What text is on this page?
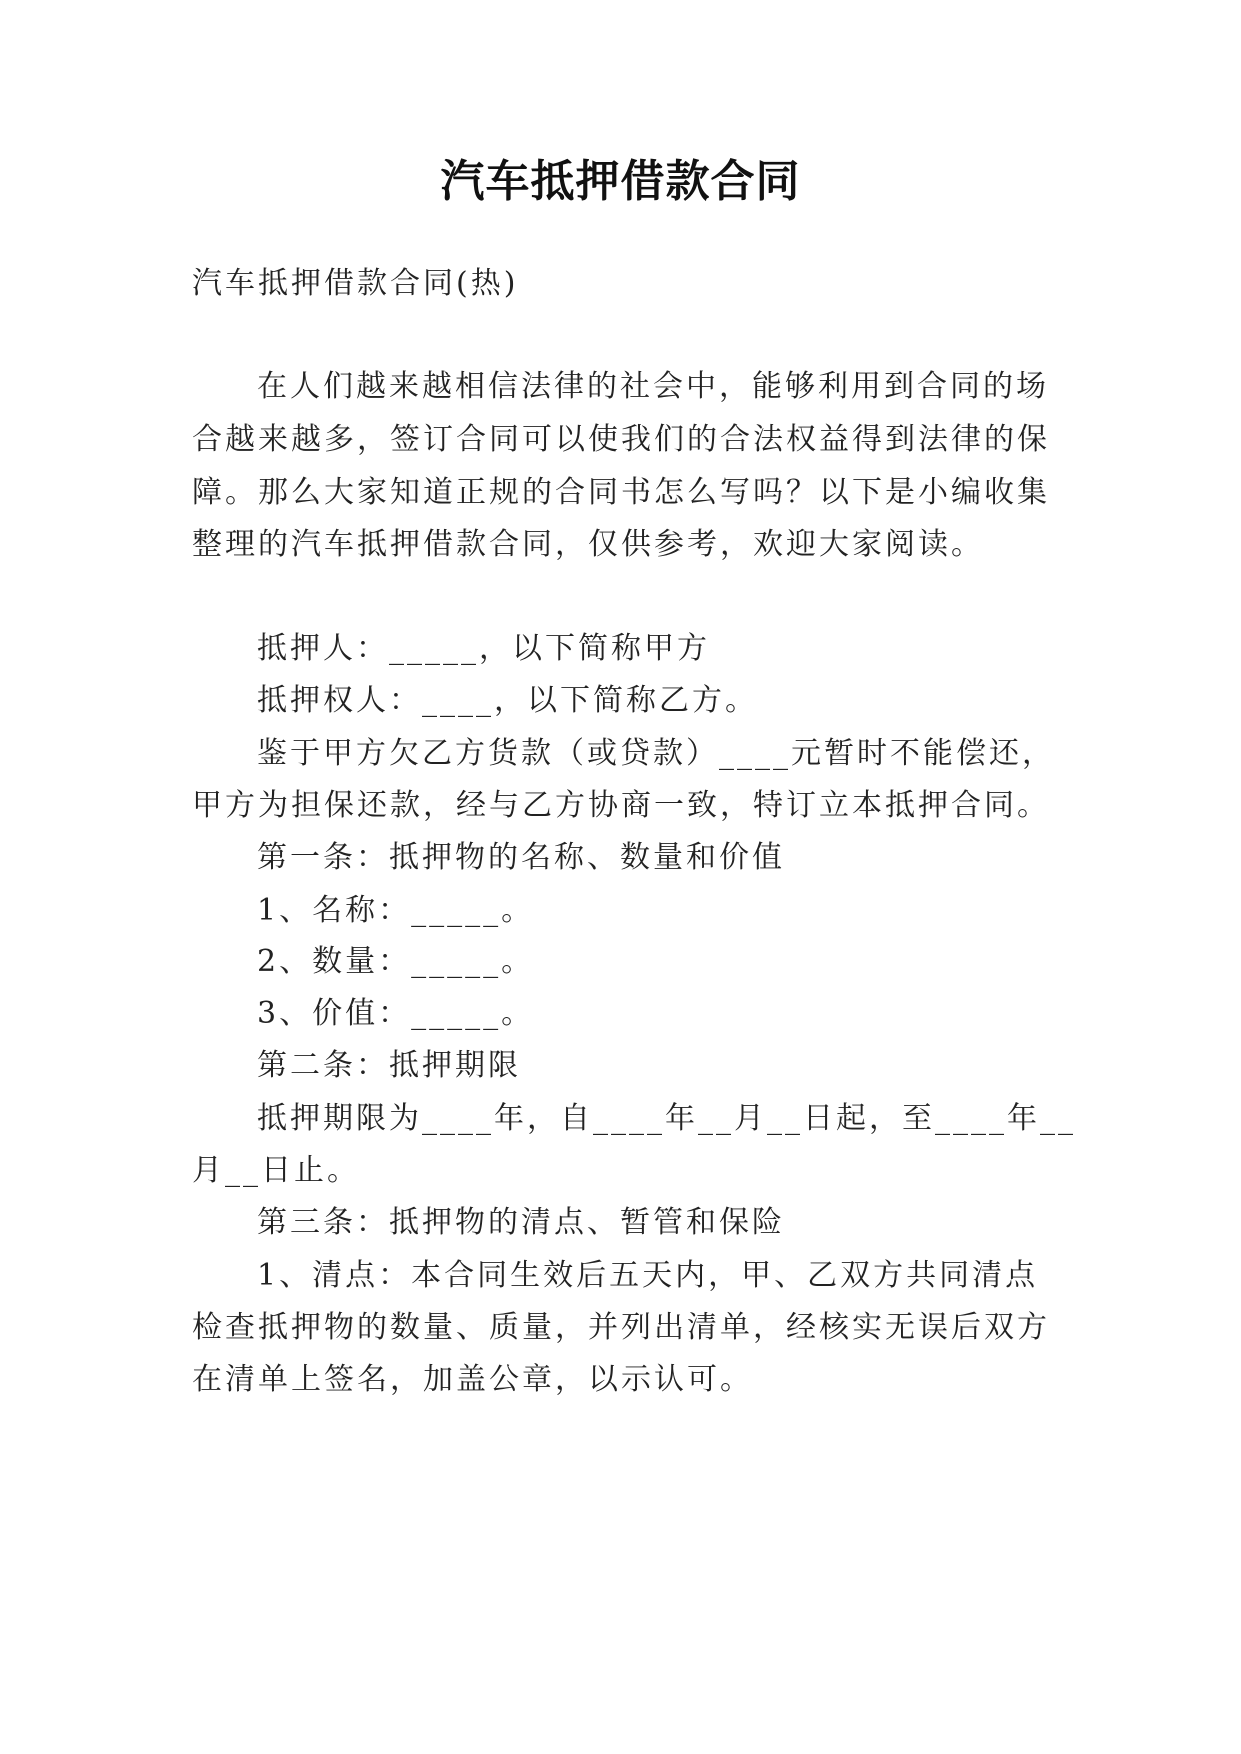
汽车抵押借款合同
汽车抵押借款合同(热)
在人们越来越相信法律的社会中，能够利用到合同的场
合越来越多，签订合同可以使我们的合法权益得到法律的保
障。那么大家知道正规的合同书怎么写吗？以下是小编收集
整理的汽车抵押借款合同，仅供参考，欢迎大家阅读。
抵押人：_____，以下简称甲方
抵押权人：____，以下简称乙方。
鉴于甲方欠乙方货款（或贷款）____元暂时不能偿还，
甲方为担保还款，经与乙方协商一致，特订立本抵押合同。
第一条：抵押物的名称、数量和价值
1、名称：_____。
2、数量：_____。
3、价值：_____。
第二条：抵押期限
抵押期限为____年，自____年__月__日起，至____年__
月__日止。
第三条：抵押物的清点、暂管和保险
1、清点：本合同生效后五天内，甲、乙双方共同清点
检查抵押物的数量、质量，并列出清单，经核实无误后双方
在清单上签名，加盖公章，以示认可。
